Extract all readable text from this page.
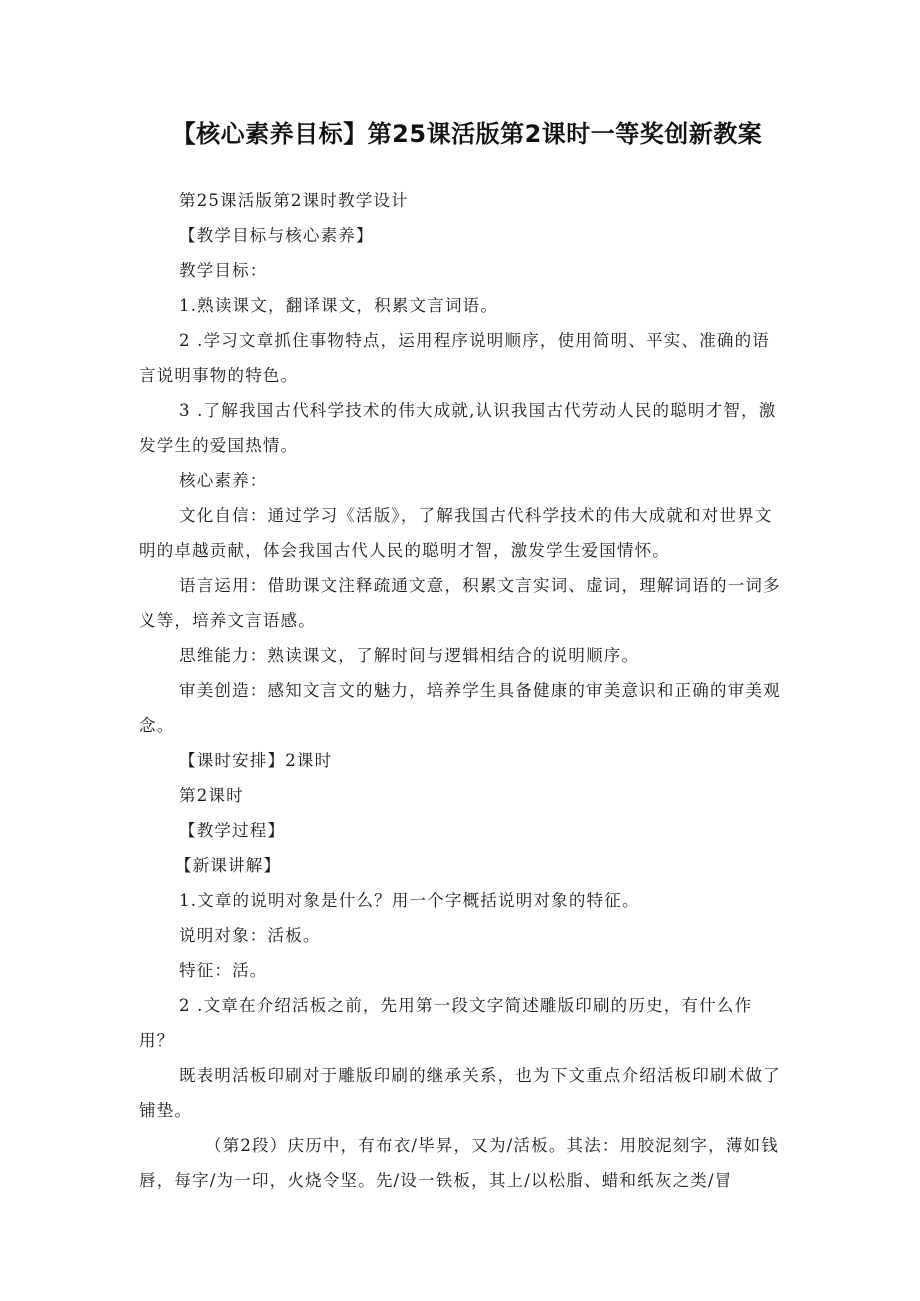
【核心素养目标】第25课活版第2课时一等奖创新教案

第25课活版第2课时教学设计

【教学目标与核心素养】

教学目标：

1.熟读课文，翻译课文，积累文言词语。

2 .学习文章抓住事物特点，运用程序说明顺序，使用简明、平实、准确的语言说明事物的特色。

3 .了解我国古代科学技术的伟大成就,认识我国古代劳动人民的聪明才智，激发学生的爱国热情。

核心素养：

文化自信：通过学习《活版》，了解我国古代科学技术的伟大成就和对世界文明的卓越贡献，体会我国古代人民的聪明才智，激发学生爱国情怀。

语言运用：借助课文注释疏通文意，积累文言实词、虚词，理解词语的一词多义等，培养文言语感。

思维能力：熟读课文，了解时间与逻辑相结合的说明顺序。

审美创造：感知文言文的魅力，培养学生具备健康的审美意识和正确的审美观念。

【课时安排】2课时

第2课时

【教学过程】

【新课讲解】

1.文章的说明对象是什么？用一个字概括说明对象的特征。

说明对象：活板。

特征：活。

2 .文章在介绍活板之前，先用第一段文字简述雕版印刷的历史，有什么作用？

既表明活板印刷对于雕版印刷的继承关系，也为下文重点介绍活板印刷术做了铺垫。

（第2段）庆历中，有布衣/毕昇，又为/活板。其法：用胶泥刻字，薄如钱唇，每字/为一印，火烧令坚。先/设一铁板，其上/以松脂、蜡和纸灰之类/冒
